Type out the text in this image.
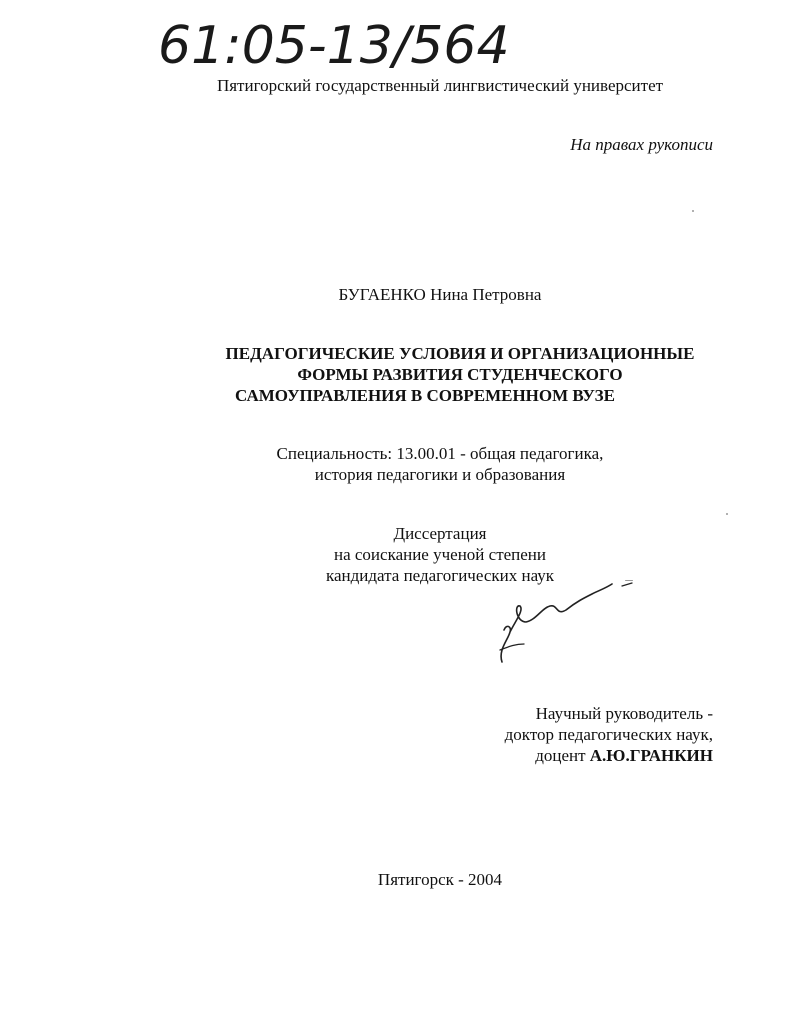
61:05-13/564
Пятигорский государственный лингвистический университет
На правах рукописи
БУГАЕНКО Нина Петровна
ПЕДАГОГИЧЕСКИЕ УСЛОВИЯ И ОРГАНИЗАЦИОННЫЕ
ФОРМЫ РАЗВИТИЯ СТУДЕНЧЕСКОГО
САМОУПРАВЛЕНИЯ В СОВРЕМЕННОМ ВУЗЕ
Специальность: 13.00.01 - общая педагогика,
история педагогики и образования
Диссертация
на соискание ученой степени
кандидата педагогических наук
Научный руководитель -
доктор педагогических наук,
доцент А.Ю.ГРАНКИН
Пятигорск - 2004
